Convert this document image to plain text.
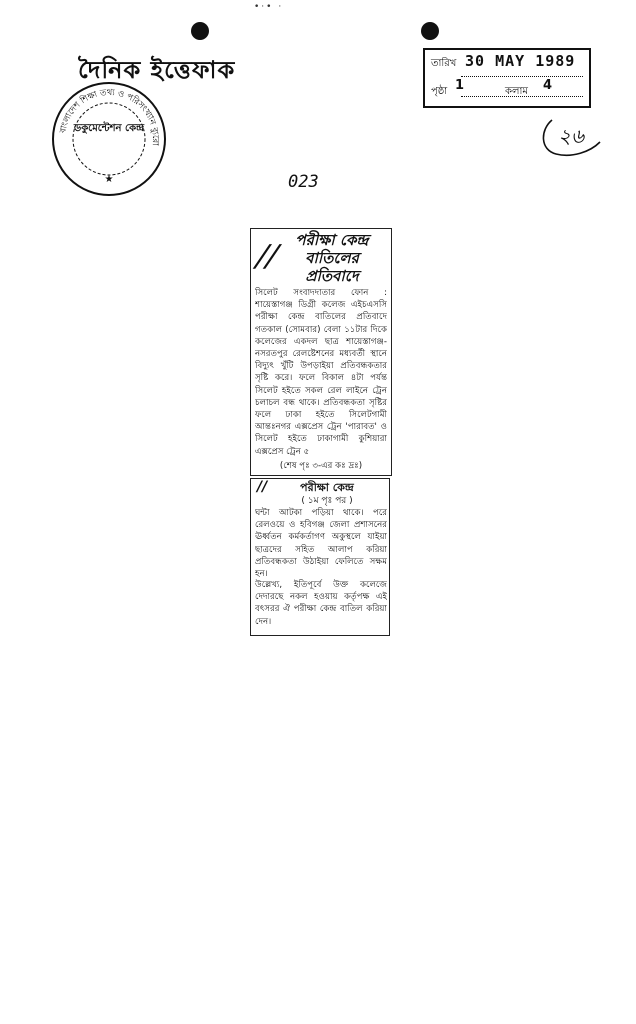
•·• ·
দৈনিক ইত্তেফাক
বাংলাদেশ শিক্ষা তথ্য ও পরিসংখ্যান ব্যুরো
★
ডকুমেন্টেশন কেন্দ্র
তারিখ 30 MAY 1989
পৃষ্ঠা 1	কলাম 4
২৬
023
//	পরীক্ষা কেন্দ্র
বাতিলের
প্রতিবাদে
সিলেট সংবাদদাতার ফোন : শায়েস্তাগঞ্জ ডিগ্রী কলেজ এইচএসসি পরীক্ষা কেন্দ্র বাতিলের প্রতিবাদে গতকাল (সোমবার) বেলা ১১টার দিকে কলেজের একদল ছাত্র শায়েস্তাগঞ্জ-নসরতপুর রেলষ্টেশনের মধ্যবর্তী স্থানে বিদ্যুৎ খুঁটি উপড়াইয়া প্রতিবন্ধকতার সৃষ্টি করে। ফলে বিকাল ৪টা পর্যন্ত সিলেট হইতে সকল রেল লাইনে ট্রেন চলাচল বন্ধ থাকে। প্রতিবন্ধকতা সৃষ্টির ফলে ঢাকা হইতে সিলেটগামী আন্তঃনগর এক্সপ্রেস ট্রেন 'পারাবত' ও সিলেট হইতে ঢাকাগামী কুশিয়ারা এক্সপ্রেস ট্রেন ৫
(শেষ পৃঃ ৩-এর কঃ দ্রঃ)
//	পরীক্ষা কেন্দ্র
( ১ম পৃঃ পর )
ঘন্টা আটকা পড়িয়া থাকে। পরে রেলওয়ে ও হবিগঞ্জ জেলা প্রশাসনের ঊর্ধ্বতন কর্মকর্তাগণ অকুস্থলে যাইয়া ছাত্রদের সহিত আলাপ করিয়া প্রতিবন্ধকতা উঠাইয়া ফেলিতে সক্ষম হন।
উল্লেখ্য, ইতিপূর্বে উক্ত কলেজে দেদারছে নকল হওয়ায় কর্তৃপক্ষ এই বৎসরর ঐ পরীক্ষা কেন্দ্র বাতিল করিয়া দেন।
